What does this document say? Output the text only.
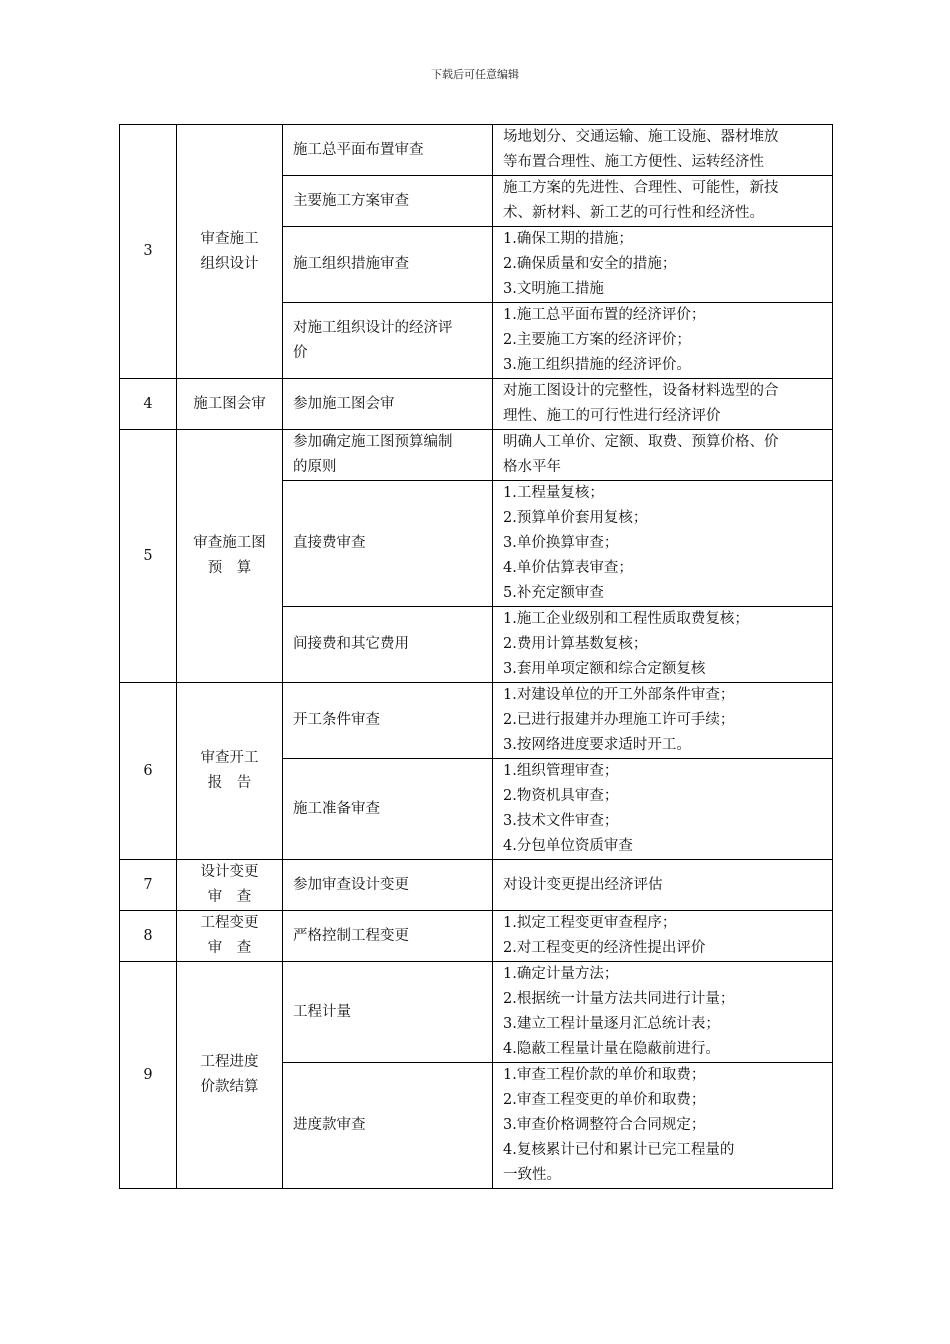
下载后可任意编辑
3	审查施工
组织设计	施工总平面布置审查	场地划分、交通运输、施工设施、器材堆放
等布置合理性、施工方便性、运转经济性

		主要施工方案审查	施工方案的先进性、合理性、可能性，新技
术、新材料、新工艺的可行性和经济性。

		施工组织措施审查	1.确保工期的措施；
2.确保质量和安全的措施；
3.文明施工措施

		对施工组织设计的经济评
价	1.施工总平面布置的经济评价；
2.主要施工方案的经济评价；
3.施工组织措施的经济评价。

4	施工图会审	参加施工图会审	对施工图设计的完整性，设备材料选型的合
理性、施工的可行性进行经济评价

5	审查施工图
预　算	参加确定施工图预算编制
的原则	明确人工单价、定额、取费、预算价格、价
格水平年

		直接费审查	1.工程量复核；
2.预算单价套用复核；
3.单价换算审查；
4.单价估算表审查；
5.补充定额审查

		间接费和其它费用	1.施工企业级别和工程性质取费复核；
2.费用计算基数复核；
3.套用单项定额和综合定额复核

6	审查开工
报　告	开工条件审查	1.对建设单位的开工外部条件审查；
2.已进行报建并办理施工许可手续；
3.按网络进度要求适时开工。

		施工准备审查	1.组织管理审查；
2.物资机具审查；
3.技术文件审查；
4.分包单位资质审查

7	设计变更
审　查	参加审查设计变更	对设计变更提出经济评估

8	工程变更
审　查	严格控制工程变更	1.拟定工程变更审查程序；
2.对工程变更的经济性提出评价

9	工程进度
价款结算	工程计量	1.确定计量方法；
2.根据统一计量方法共同进行计量；
3.建立工程计量逐月汇总统计表；
4.隐蔽工程量计量在隐蔽前进行。

		进度款审查	1.审查工程价款的单价和取费；
2.审查工程变更的单价和取费；
3.审查价格调整符合合同规定；
4.复核累计已付和累计已完工程量的
一致性。
